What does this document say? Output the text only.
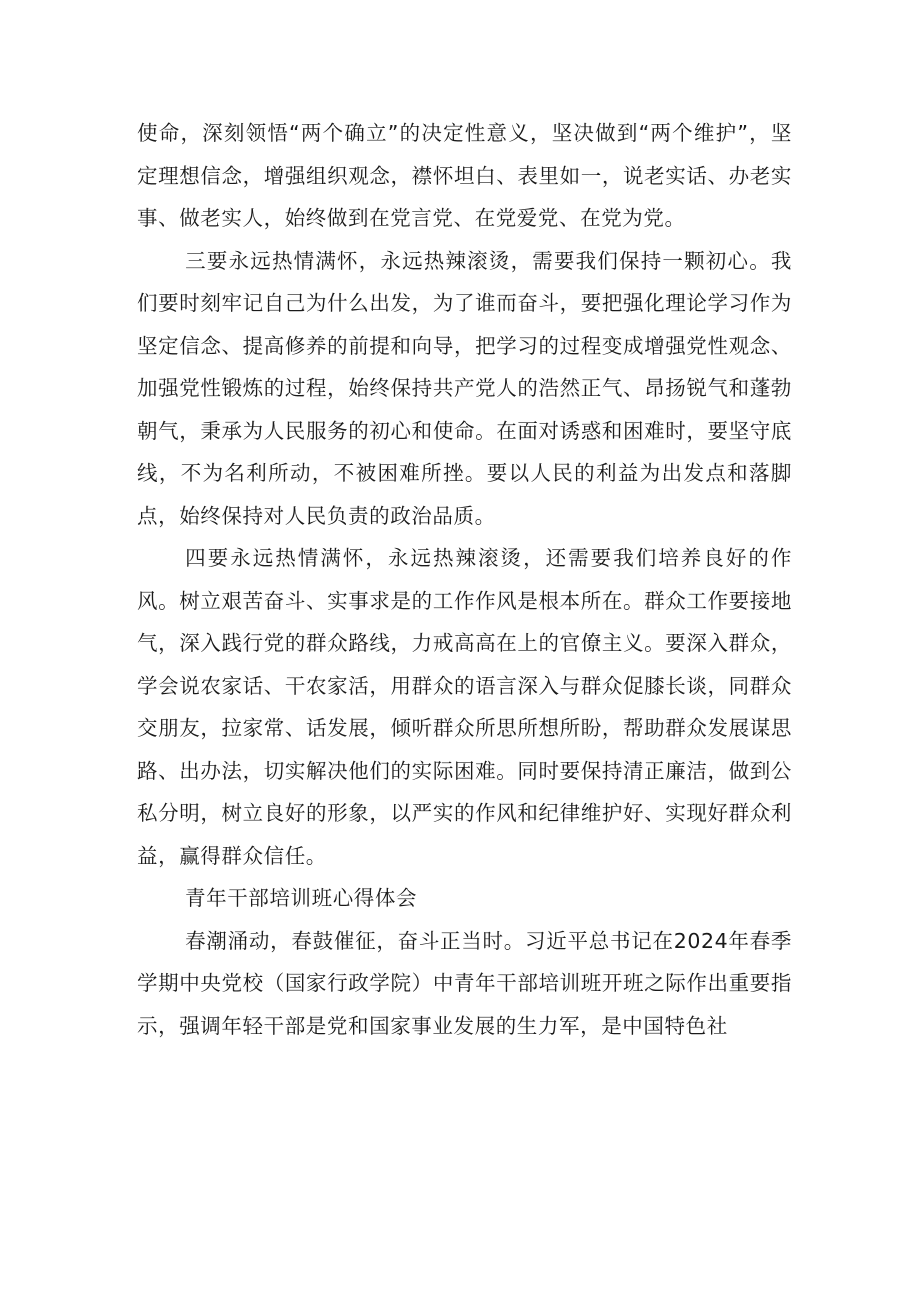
使命，深刻领悟“两个确立”的决定性意义，坚决做到“两个维护”，坚定理想信念，增强组织观念，襟怀坦白、表里如一，说老实话、办老实事、做老实人，始终做到在党言党、在党爱党、在党为党。

三要永远热情满怀，永远热辣滚烫，需要我们保持一颗初心。我们要时刻牢记自己为什么出发，为了谁而奋斗，要把强化理论学习作为坚定信念、提高修养的前提和向导，把学习的过程变成增强党性观念、加强党性锻炼的过程，始终保持共产党人的浩然正气、昂扬锐气和蓬勃朝气，秉承为人民服务的初心和使命。在面对诱惑和困难时，要坚守底线，不为名利所动，不被困难所挫。要以人民的利益为出发点和落脚点，始终保持对人民负责的政治品质。

四要永远热情满怀，永远热辣滚烫，还需要我们培养良好的作风。树立艰苦奋斗、实事求是的工作作风是根本所在。群众工作要接地气，深入践行党的群众路线，力戒高高在上的官僚主义。要深入群众，学会说农家话、干农家活，用群众的语言深入与群众促膝长谈，同群众交朋友，拉家常、话发展，倾听群众所思所想所盼，帮助群众发展谋思路、出办法，切实解决他们的实际困难。同时要保持清正廉洁，做到公私分明，树立良好的形象，以严实的作风和纪律维护好、实现好群众利益，赢得群众信任。

青年干部培训班心得体会

春潮涌动，春鼓催征，奋斗正当时。习近平总书记在2024年春季学期中央党校（国家行政学院）中青年干部培训班开班之际作出重要指示，强调年轻干部是党和国家事业发展的生力军，是中国特色社
